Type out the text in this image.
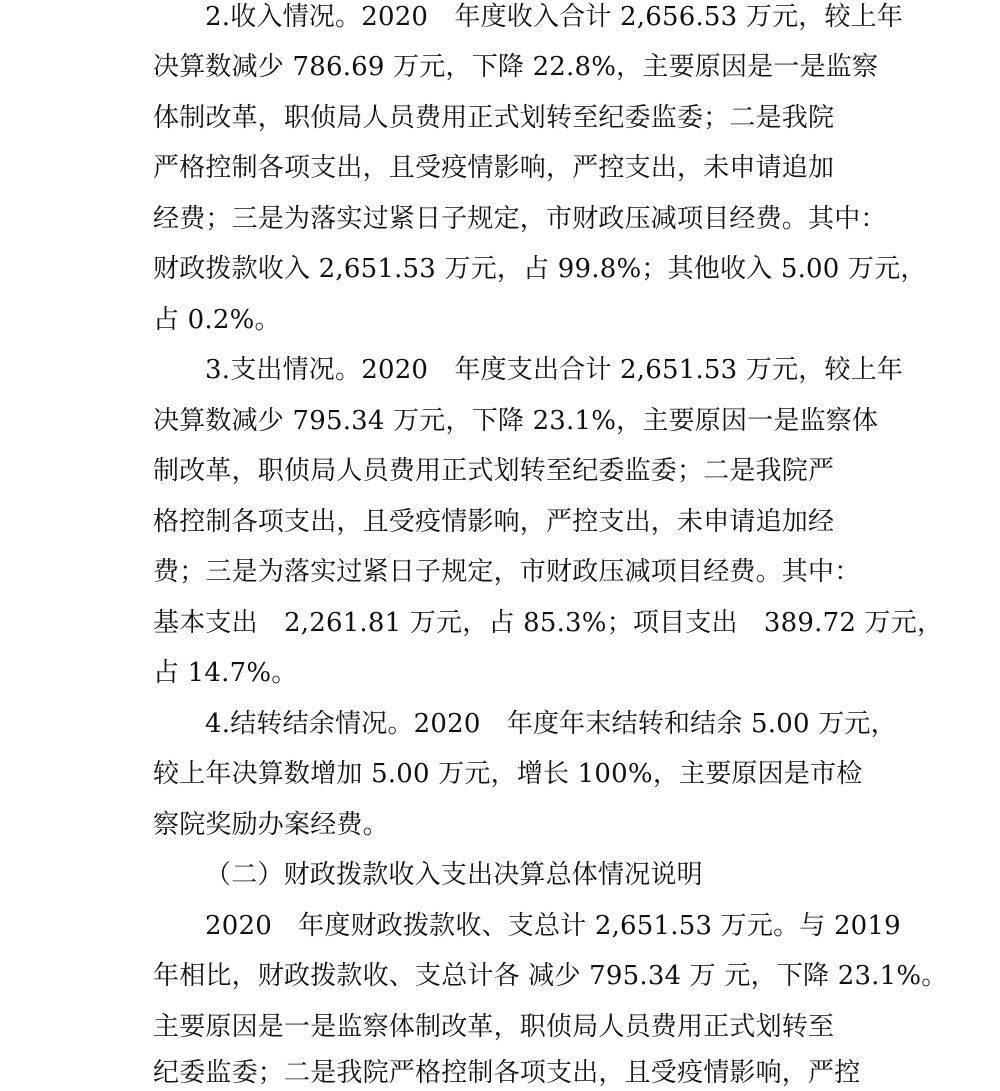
2.收入情况。2020　年度收入合计 2,656.53 万元，较上年
决算数减少 786.69 万元，下降 22.8%，主要原因是一是监察
体制改革，职侦局人员费用正式划转至纪委监委；二是我院
严格控制各项支出，且受疫情影响，严控支出，未申请追加
经费；三是为落实过紧日子规定，市财政压减项目经费。其中：
财政拨款收入 2,651.53 万元，占 99.8%；其他收入 5.00 万元，
占 0.2%。
3.支出情况。2020　年度支出合计 2,651.53 万元，较上年
决算数减少 795.34 万元，下降 23.1%，主要原因一是监察体
制改革，职侦局人员费用正式划转至纪委监委；二是我院严
格控制各项支出，且受疫情影响，严控支出，未申请追加经
费；三是为落实过紧日子规定，市财政压减项目经费。其中：
基本支出　2,261.81 万元，占 85.3%；项目支出　389.72 万元，
占 14.7%。
4.结转结余情况。2020　年度年末结转和结余 5.00 万元，
较上年决算数增加 5.00 万元，增长 100%，主要原因是市检
察院奖励办案经费。
（二）财政拨款收入支出决算总体情况说明
2020　年度财政拨款收、支总计 2,651.53 万元。与 2019
年相比，财政拨款收、支总计各 减少 795.34 万 元，下降 23.1%。
主要原因是一是监察体制改革，职侦局人员费用正式划转至
纪委监委；二是我院严格控制各项支出，且受疫情影响，严控
